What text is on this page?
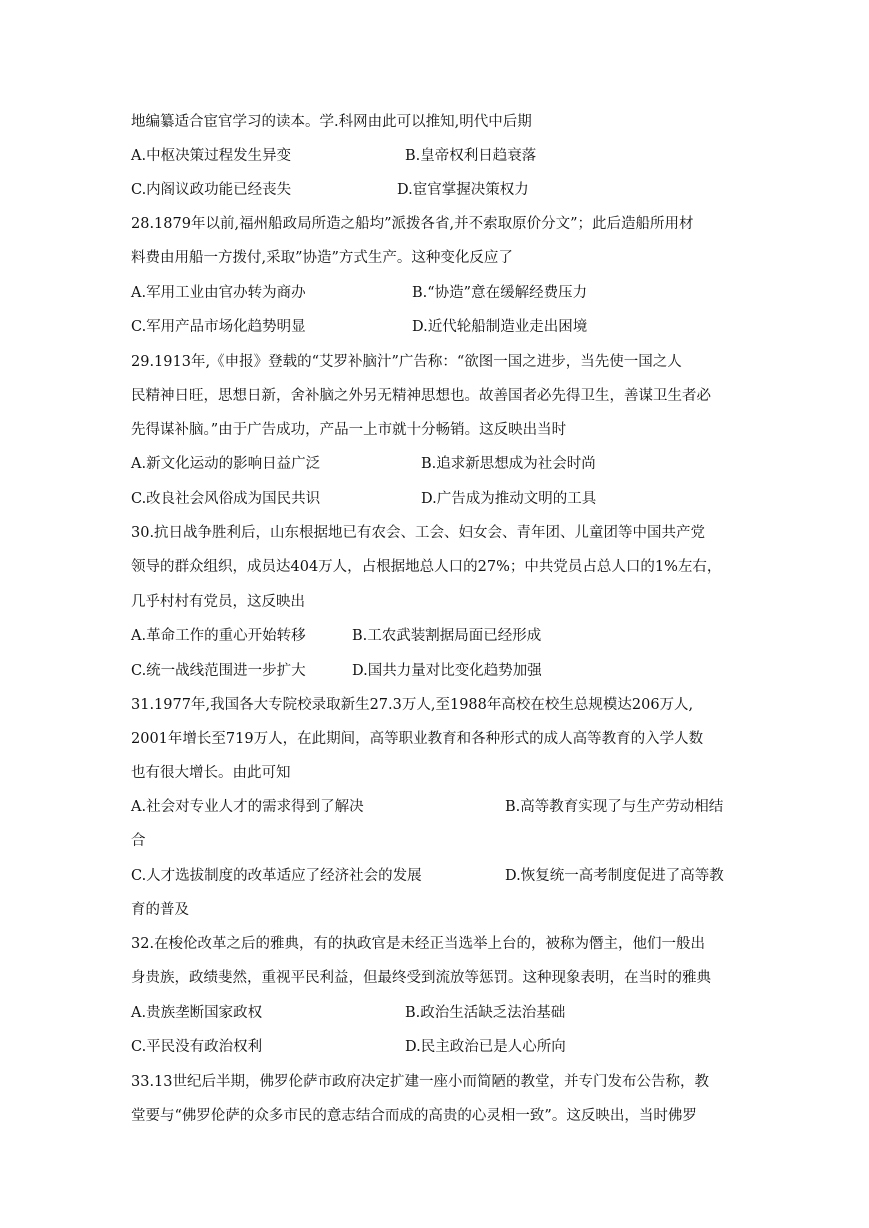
地编纂适合宦官学习的读本。学.科网由此可以推知,明代中后期
A.中枢决策过程发生异变	B.皇帝权利日趋衰落
C.内阁议政功能已经丧失	D.宦官掌握决策权力
28.1879年以前,福州船政局所造之船均”派拨各省,并不索取原价分文”；此后造船所用材
料费由用船一方拨付,采取”协造”方式生产。这种变化反应了
A.军用工业由官办转为商办	B.“协造”意在缓解经费压力
C.军用产品市场化趋势明显	D.近代轮船制造业走出困境
29.1913年,《申报》登载的“艾罗补脑汁”广告称：“欲图一国之进步，当先使一国之人
民精神日旺，思想日新，舍补脑之外另无精神思想也。故善国者必先得卫生，善谋卫生者必
先得谋补脑。”由于广告成功，产品一上市就十分畅销。这反映出当时
A.新文化运动的影响日益广泛	B.追求新思想成为社会时尚
C.改良社会风俗成为国民共识	D.广告成为推动文明的工具
30.抗日战争胜利后，山东根据地已有农会、工会、妇女会、青年团、儿童团等中国共产党
领导的群众组织，成员达404万人，占根据地总人口的27%；中共党员占总人口的1%左右，
几乎村村有党员，这反映出
A.革命工作的重心开始转移	B.工农武装割据局面已经形成
C.统一战线范围进一步扩大	D.国共力量对比变化趋势加强
31.1977年,我国各大专院校录取新生27.3万人,至1988年高校在校生总规模达206万人,
2001年增长至719万人，在此期间，高等职业教育和各种形式的成人高等教育的入学人数
也有很大增长。由此可知
A.社会对专业人才的需求得到了解决	B.高等教育实现了与生产劳动相结
合
C.人才选拔制度的改革适应了经济社会的发展	D.恢复统一高考制度促进了高等教
育的普及
32.在梭伦改革之后的雅典，有的执政官是未经正当选举上台的，被称为僭主，他们一般出
身贵族，政绩斐然，重视平民利益，但最终受到流放等惩罚。这种现象表明，在当时的雅典
A.贵族垄断国家政权	B.政治生活缺乏法治基础
C.平民没有政治权利	D.民主政治已是人心所向
33.13世纪后半期，佛罗伦萨市政府决定扩建一座小而简陋的教堂，并专门发布公告称，教
堂要与“佛罗伦萨的众多市民的意志结合而成的高贵的心灵相一致”。这反映出，当时佛罗
